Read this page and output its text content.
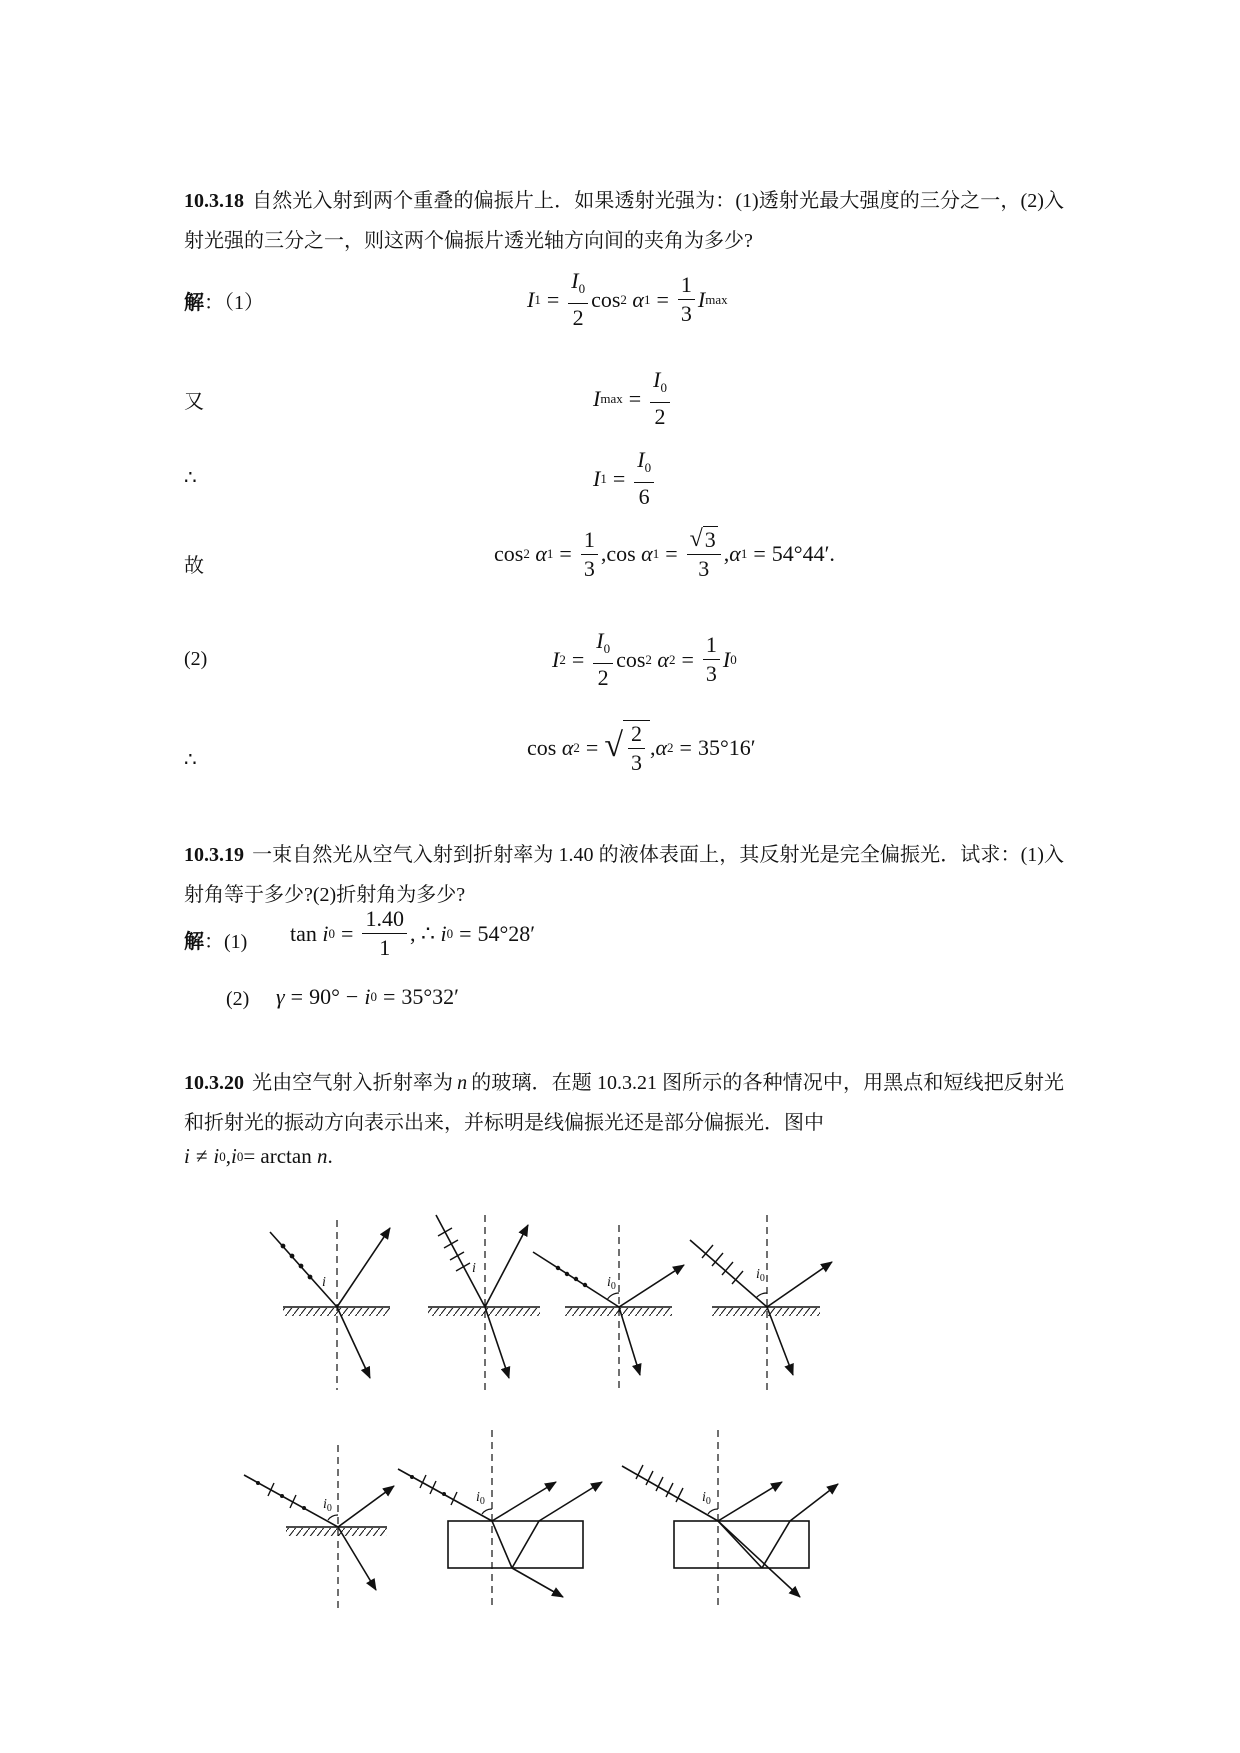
10.3.18 自然光入射到两个重叠的偏振片上．如果透射光强为：(1)透射光最大强度的三分之一，(2)入射光强的三分之一，则这两个偏振片透光轴方向间的夹角为多少?
解：（1）	I $1 = \frac{I_0}{2}$ cos 2
α $1 = \frac{1}{3}$ I max
又	I $\max = \frac{I_0}{2}$
∴	I $1 = \frac{I_0}{6}$
故	cos 2
α $1 = \frac{1}{3}$ , cos
α $1 = \frac{√ 3}{3}$ , α 1 = 54°44′.
(2)	I $2 = \frac{I_0}{2}$ cos 2
α $2 = \frac{1}{3}$ I 0
∴	cos
α 2 = √ $\frac{2}{3}$ , α 2 = 35°16′
10.3.19 一束自然光从空气入射到折射率为 1.40 的液体表面上，其反射光是完全偏振光．试求：(1)入射角等于多少?(2)折射角为多少?
解：(1) tan
i $0 = \frac{1.40}{1}$ , ∴
i 0 = 54°28′
(2) γ = 90° − i 0 = 35°32′
10.3.20 光由空气射入折射率为 n 的玻璃．在题 10.3.21 图所示的各种情况中，用黑点和短线把反射光和折射光的振动方向表示出来，并标明是线偏振光还是部分偏振光．图中
i ≠ i 0 , i 0 =
arctan
n .
i
i
$i_0$
$i_0$
$i_0$
$i_0$	$i_0$
